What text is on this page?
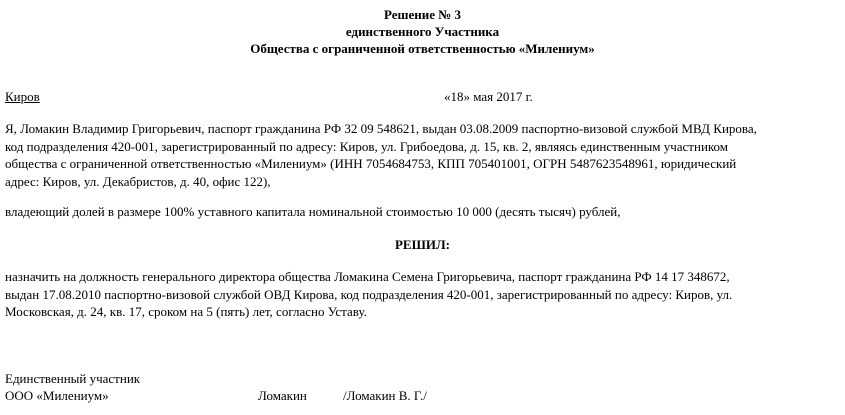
Решение № 3
единственного Участника
Общества с ограниченной ответственностью «Милениум»
Киров	«18» мая 2017 г.

Я, Ломакин Владимир Григорьевич, паспорт гражданина РФ 32 09 548621, выдан 03.08.2009 паспортно-визовой службой МВД Кирова,
код подразделения 420-001, зарегистрированный по адресу: Киров, ул. Грибоедова, д. 15, кв. 2, являясь единственным участником
общества с ограниченной ответственностью «Милениум» (ИНН 7054684753, КПП 705401001, ОГРН 5487623548961, юридический
адрес: Киров, ул. Декабристов, д. 40, офис 122),

владеющий долей в размере 100% уставного капитала номинальной стоимостью 10 000 (десять тысяч) рублей,

РЕШИЛ:

назначить на должность генерального директора общества Ломакина Семена Григорьевича, паспорт гражданина РФ 14 17 348672,
выдан 17.08.2010 паспортно-визовой службой ОВД Кирова, код подразделения 420-001, зарегистрированный по адресу: Киров, ул.
Московская, д. 24, кв. 17, сроком на 5 (пять) лет, согласно Уставу.

Единственный участник
ООО «Милениум»	Ломакин	/Ломакин В. Г./
